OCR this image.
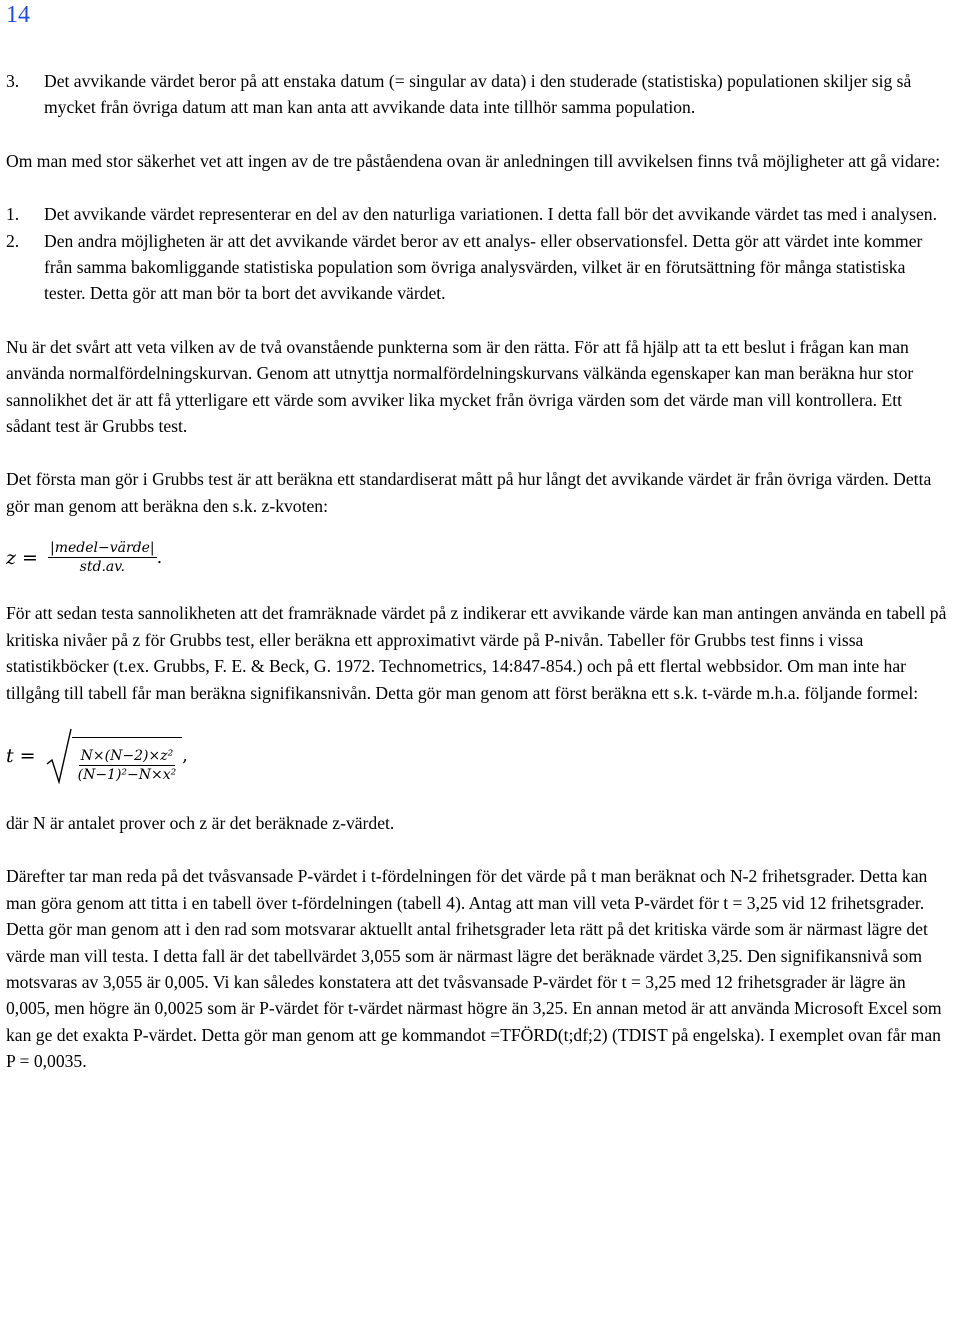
14
3.	Det avvikande värdet beror på att enstaka datum (= singular av data) i den studerade (statistiska) populationen skiljer sig så mycket från övriga datum att man kan anta att avvikande data inte tillhör samma population.

Om man med stor säkerhet vet att ingen av de tre påståendena ovan är anledningen till avvikelsen finns två möjligheter att gå vidare:

1.	Det avvikande värdet representerar en del av den naturliga variationen. I detta fall bör det avvikande värdet tas med i analysen.
2.	Den andra möjligheten är att det avvikande värdet beror av ett analys- eller observationsfel. Detta gör att värdet inte kommer från samma bakomliggande statistiska population som övriga analysvärden, vilket är en förutsättning för många statistiska tester. Detta gör att man bör ta bort det avvikande värdet.

Nu är det svårt att veta vilken av de två ovanstående punkterna som är den rätta. För att få hjälp att ta ett beslut i frågan kan man använda normalfördelningskurvan. Genom att utnyttja normalfördelningskurvans välkända egenskaper kan man beräkna hur stor sannolikhet det är att få ytterligare ett värde som avviker lika mycket från övriga värden som det värde man vill kontrollera. Ett sådant test är Grubbs test.

Det första man gör i Grubbs test är att beräkna ett standardiserat mått på hur långt det avvikande värdet är från övriga värden. Detta gör man genom att beräkna den s.k. z-kvoten:

$z = \frac{\text{|medel−värde|}}{\text{std.av.}}$ .

För att sedan testa sannolikheten att det framräknade värdet på z indikerar ett avvikande värde kan man antingen använda en tabell på kritiska nivåer på z för Grubbs test, eller beräkna ett approximativt värde på P-nivån. Tabeller för Grubbs test finns i vissa statistikböcker (t.ex. Grubbs, F. E. & Beck, G. 1972. Technometrics, 14:847-854.) och på ett flertal webbsidor. Om man inte har tillgång till tabell får man beräkna signifikansnivån. Detta gör man genom att först beräkna ett s.k. t-värde m.h.a. följande formel:

t =	$\frac{\text{N×(N−2)×z²}}{\text{(N−1)²−N×x²}}$ ,

där N är antalet prover och z är det beräknade z-värdet.

Därefter tar man reda på det tvåsvansade P-värdet i t-fördelningen för det värde på t man beräknat och N-2 frihetsgrader. Detta kan man göra genom att titta i en tabell över t-fördelningen (tabell 4). Antag att man vill veta P-värdet för t = 3,25 vid 12 frihetsgrader. Detta gör man genom att i den rad som motsvarar aktuellt antal frihetsgrader leta rätt på det kritiska värde som är närmast lägre det värde man vill testa. I detta fall är det tabellvärdet 3,055 som är närmast lägre det beräknade värdet 3,25. Den signifikansnivå som motsvaras av 3,055 är 0,005. Vi kan således konstatera att det tvåsvansade P-värdet för t = 3,25 med 12 frihetsgrader är lägre än 0,005, men högre än 0,0025 som är P-värdet för t-värdet närmast högre än 3,25. En annan metod är att använda Microsoft Excel som kan ge det exakta P-värdet. Detta gör man genom att ge kommandot =TFÖRD(t;df;2) (TDIST på engelska). I exemplet ovan får man P = 0,0035.
